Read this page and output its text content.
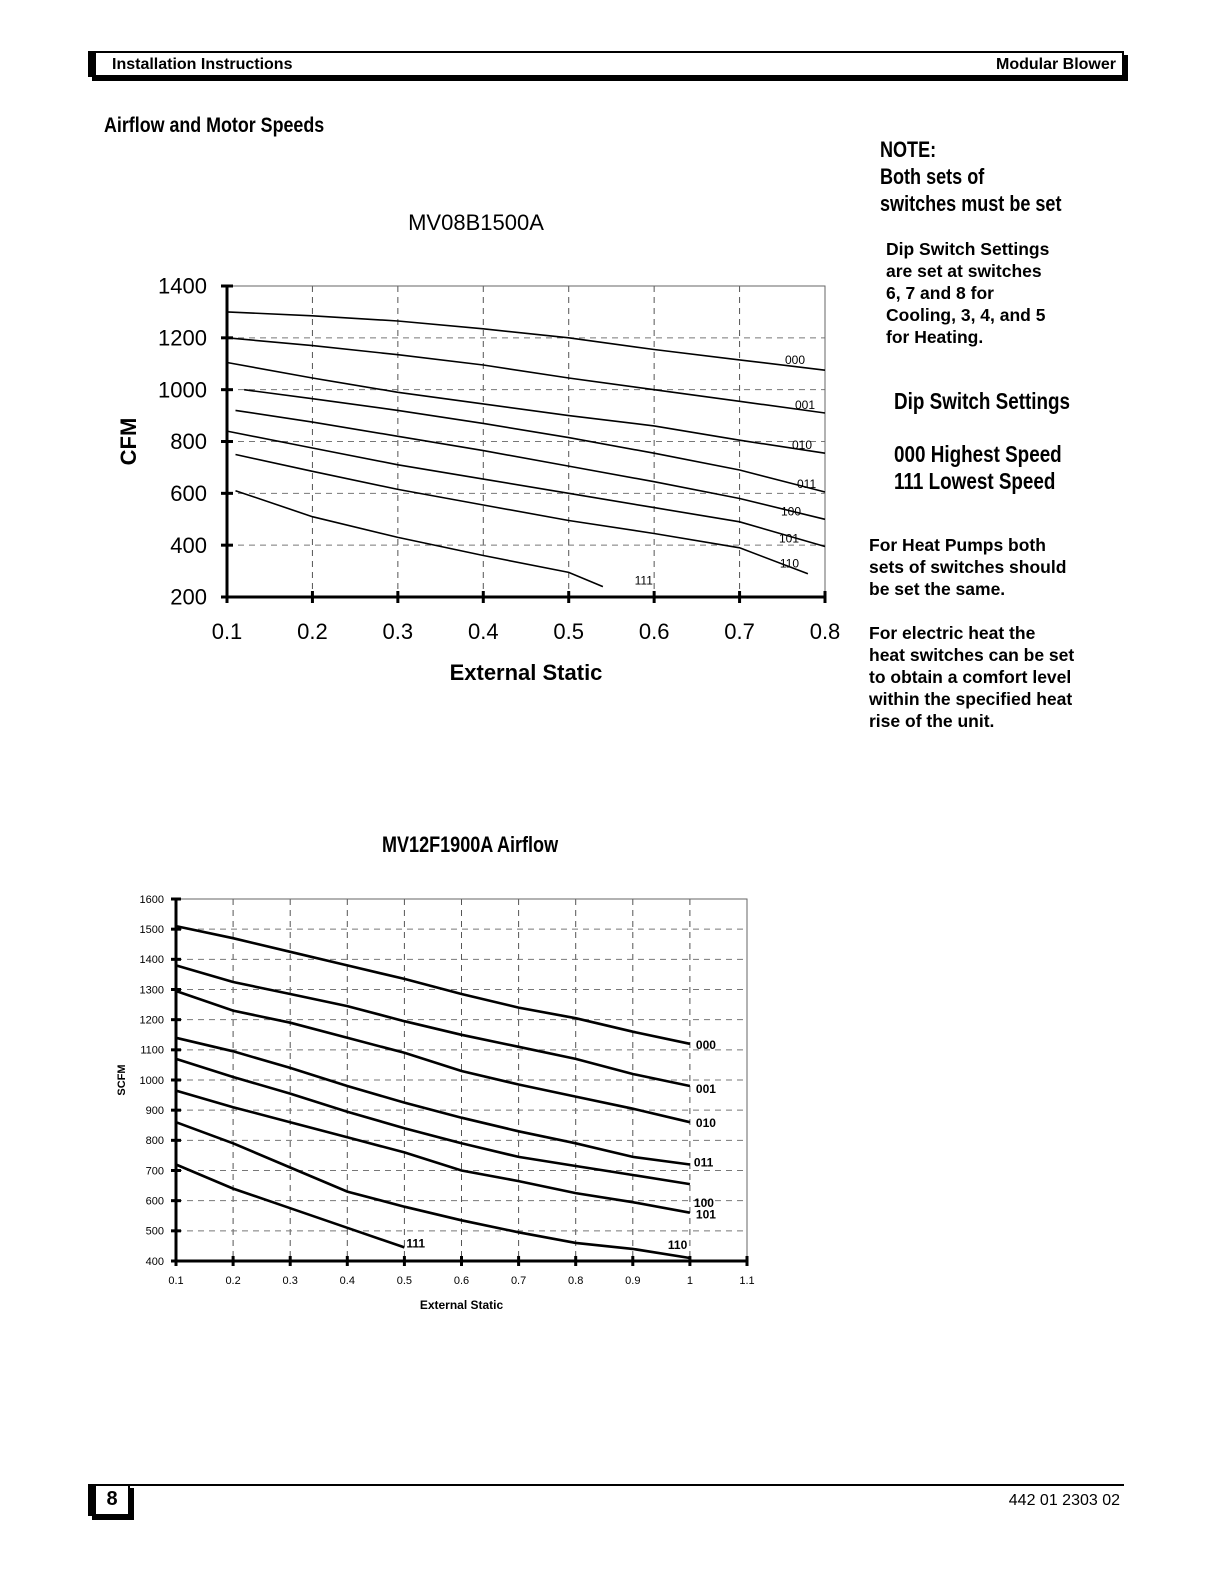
Installation Instructions	Modular Blower
Airflow and Motor Speeds
NOTE:
Both sets of
switches must be set
Dip Switch Settings
are set at switches
6, 7 and 8 for
Cooling, 3, 4, and 5
for Heating.
Dip Switch Settings
000 Highest Speed
111 Lowest Speed
For Heat Pumps both
sets of switches should
be set the same.
For electric heat the
heat switches can be set
to obtain a comfort level
within the specified heat
rise of the unit.
0.1 0.2 0.3 0.4 0.5 0.6 0.7 0.8
200
400
600
800
1000
1200
1400
000
001
010
011
100
101
110
111
MV08B1500A
External Static
CFM
0.1	0.2	0.3	0.4	0.5	0.6	0.7	0.8	0.9	1	1.1
400
500
600
700
800
900
1000
1100
1200
1300
1400
1500
1600
000
001
010
011
100
101
110
111
External Static
SCFM
MV12F1900A Airflow
8	442 01 2303 02
